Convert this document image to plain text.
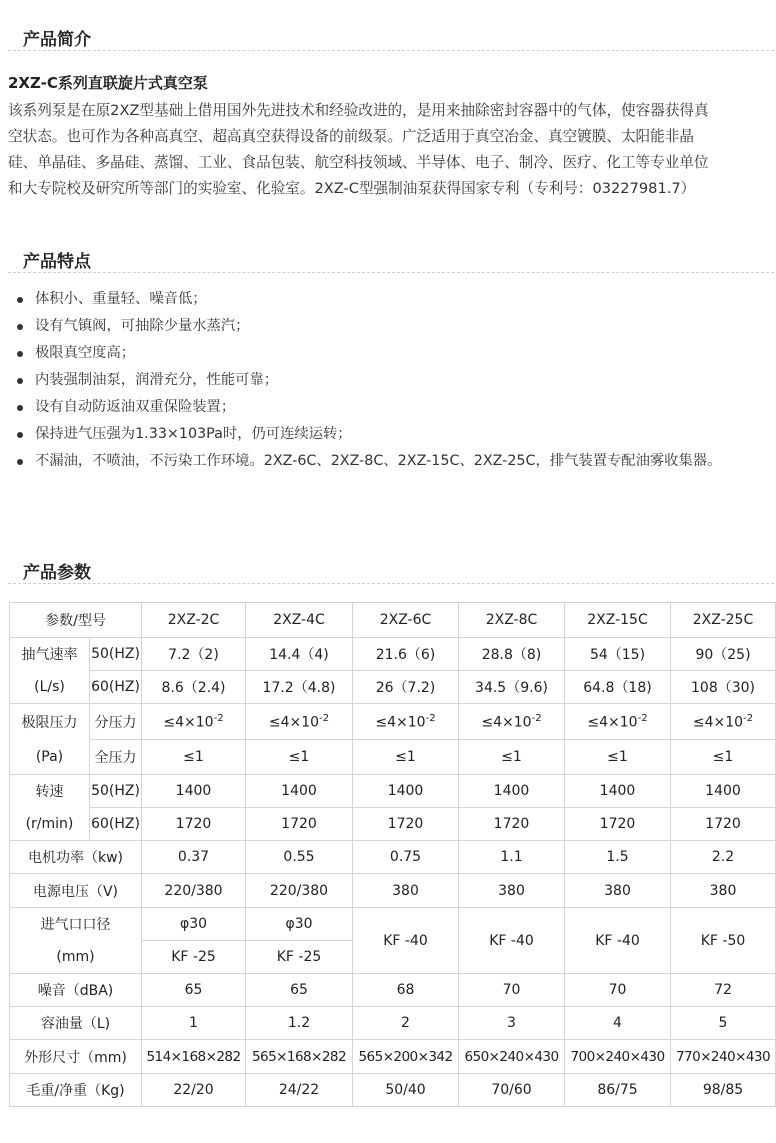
产品简介
2XZ-C系列直联旋片式真空泵
该系列泵是在原2XZ型基础上借用国外先进技术和经验改进的，是用来抽除密封容器中的气体，使容器获得真
空状态。也可作为各种高真空、超高真空获得设备的前级泵。广泛适用于真空冶金、真空镀膜、太阳能非晶
硅、单晶硅、多晶硅、蒸馏、工业、食品包装、航空科技领域、半导体、电子、制冷、医疗、化工等专业单位
和大专院校及研究所等部门的实验室、化验室。2XZ-C型强制油泵获得国家专利（专利号：03227981.7）
产品特点
体积小、重量轻、噪音低；
设有气镇阀，可抽除少量水蒸汽；
极限真空度高；
内装强制油泵，润滑充分，性能可靠；
设有自动防返油双重保险装置；
保持进气压强为1.33×103Pa时，仍可连续运转；
不漏油，不喷油，不污染工作环境。2XZ-6C、2XZ-8C、2XZ-15C、2XZ-25C，排气装置专配油雾收集器。
产品参数
参数/型号		2XZ-2C	2XZ-4C	2XZ-6C	2XZ-8C	2XZ-15C	2XZ-25C
抽气速率	50(HZ)	7.2（2)	14.4（4)	21.6（6)	28.8（8)	54（15)	90（25)
(L/s)	60(HZ)	8.6（2.4)	17.2（4.8)	26（7.2)	34.5（9.6)	64.8（18)	108（30)
极限压力	分压力	$\le 4\times 10^{-2}$	$\le 4\times 10^{-2}$	$\le 4\times 10^{-2}$	$\le 4\times 10^{-2}$	$\le 4\times 10^{-2}$	$\le 4\times 10^{-2}$
(Pa)	全压力	≤1	≤1	≤1	≤1	≤1	≤1
转速	50(HZ)	1400	1400	1400	1400	1400	1400
(r/min)	60(HZ)	1720	1720	1720	1720	1720	1720
电机功率（kw)		0.37	0.55	0.75	1.1	1.5	2.2
电源电压（V)		220/380	220/380	380	380	380	380
进气口口径		φ30	φ30	KF -40	KF -40	KF -40	KF -50
(mm)		KF -25	KF -25				
噪音（dBA)		65	65	68	70	70	72
容油量（L)		1	1.2	2	3	4	5
外形尺寸（mm)		514×168×282	565×168×282	565×200×342	650×240×430	700×240×430	770×240×430
毛重/净重（Kg)		22/20	24/22	50/40	70/60	86/75	98/85
